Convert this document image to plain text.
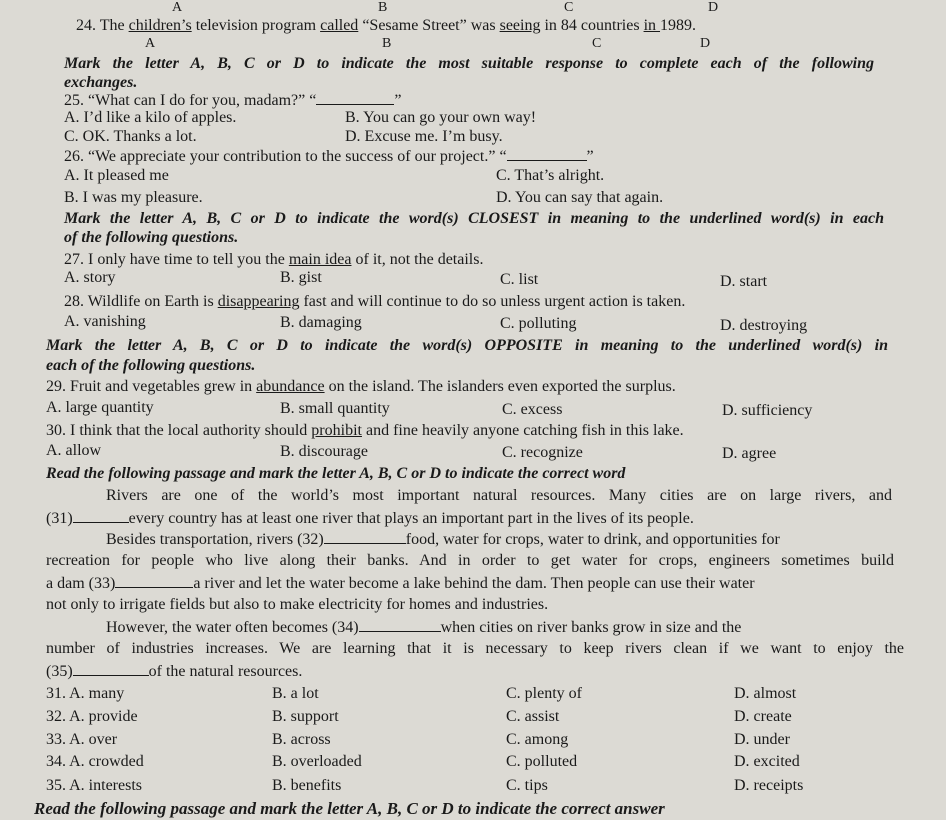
A	B	C	D
24. The children’s television program called “Sesame Street” was seeing in 84 countries in 1989.
A	B	C	D
Mark the letter A, B, C or D to indicate the most suitable response to complete each of the following
exchanges.
25. “What can I do for you, madam?” “	”
A. I’d like a kilo of apples.	B. You can go your own way!
C. OK. Thanks a lot.	D. Excuse me. I’m busy.
26. “We appreciate your contribution to the success of our project.” “	”
A. It pleased me	C. That’s alright.
B. I was my pleasure.	D. You can say that again.
Mark the letter A, B, C or D to indicate the word(s) CLOSEST in meaning to the underlined word(s) in each
of the following questions.
27. I only have time to tell you the main idea of it, not the details.
A. story	B. gist	C. list	D. start
28. Wildlife on Earth is disappearing fast and will continue to do so unless urgent action is taken.
A. vanishing	B. damaging	C. polluting	D. destroying
Mark the letter A, B, C or D to indicate the word(s) OPPOSITE in meaning to the underlined word(s) in
each of the following questions.
29. Fruit and vegetables grew in abundance on the island. The islanders even exported the surplus.
A. large quantity	B. small quantity	C. excess	D. sufficiency
30. I think that the local authority should prohibit and fine heavily anyone catching fish in this lake.
A. allow	B. discourage	C. recognize	D. agree
Read the following passage and mark the letter A, B, C or D to indicate the correct word
Rivers are one of the world’s most important natural resources. Many cities are on large rivers, and
(31)	every country has at least one river that plays an important part in the lives of its people.
Besides transportation, rivers (32)	food, water for crops, water to drink, and opportunities for
recreation for people who live along their banks. And in order to get water for crops, engineers sometimes build
a dam (33)	a river and let the water become a lake behind the dam. Then people can use their water
not only to irrigate fields but also to make electricity for homes and industries.
However, the water often becomes (34)	when cities on river banks grow in size and the
number of industries increases. We are learning that it is necessary to keep rivers clean if we want to enjoy the
(35)	of the natural resources.
31. A. many	B. a lot	C. plenty of	D. almost
32. A. provide	B. support	C. assist	D. create
33. A. over	B. across	C. among	D. under
34. A. crowded	B. overloaded	C. polluted	D. excited
35. A. interests	B. benefits	C. tips	D. receipts
Read the following passage and mark the letter A, B, C or D to indicate the correct answer
